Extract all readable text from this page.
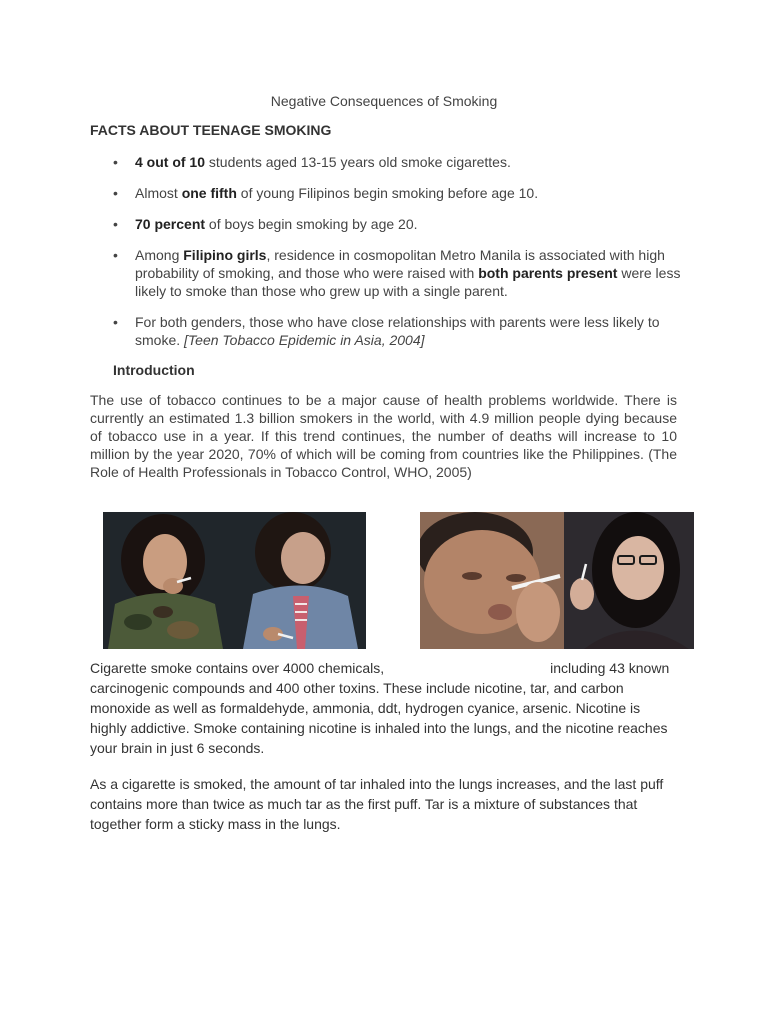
Negative Consequences of Smoking
FACTS ABOUT TEENAGE SMOKING
• 4 out of 10 students aged 13-15 years old smoke cigarettes.
• Almost one fifth of young Filipinos begin smoking before age 10.
• 70 percent of boys begin smoking by age 20.
• Among Filipino girls, residence in cosmopolitan Metro Manila is associated with high probability of smoking, and those who were raised with both parents present were less likely to smoke than those who grew up with a single parent.
• For both genders, those who have close relationships with parents were less likely to smoke. [Teen Tobacco Epidemic in Asia, 2004]
Introduction
The use of tobacco continues to be a major cause of health problems worldwide. There is currently an estimated 1.3 billion smokers in the world, with 4.9 million people dying because of tobacco use in a year. If this trend continues, the number of deaths will increase to 10 million by the year 2020, 70% of which will be coming from countries like the Philippines. (The Role of Health Professionals in Tobacco Control, WHO, 2005)

Cigarette smoke contains over 4000 chemicals,	including 43 known carcinogenic compounds and 400 other toxins. These include nicotine, tar, and carbon monoxide as well as formaldehyde, ammonia, ddt, hydrogen cyanice, arsenic. Nicotine is highly addictive. Smoke containing nicotine is inhaled into the lungs, and the nicotine reaches your brain in just 6 seconds.

As a cigarette is smoked, the amount of tar inhaled into the lungs increases, and the last puff contains more than twice as much tar as the first puff. Tar is a mixture of substances that together form a sticky mass in the lungs.
